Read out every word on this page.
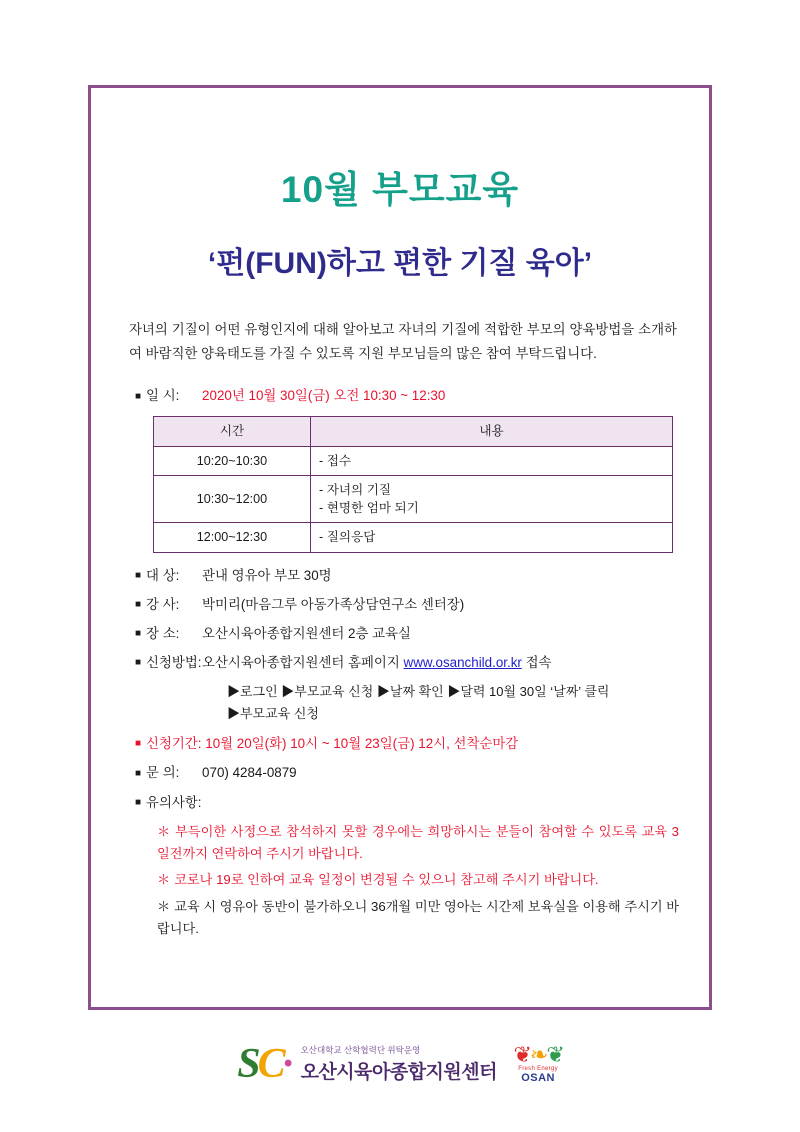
10월 부모교육
‘펀(FUN)하고 편한 기질 육아’
자녀의 기질이 어떤 유형인지에 대해 알아보고 자녀의 기질에 적합한 부모의 양육방법을 소개하여 바람직한 양육태도를 가질 수 있도록 지원 부모님들의 많은 참여 부탁드립니다.
■ 일 시: 2020년 10월 30일(금) 오전 10:30 ~ 12:30
시간	내용
10:20~10:30	- 접수
10:30~12:00	- 자녀의 기질
- 현명한 엄마 되기

12:00~12:30	- 질의응답
■ 대 상: 관내 영유아 부모 30명
■ 강 사: 박미리(마음그루 아동가족상담연구소 센터장)
■ 장 소: 오산시육아종합지원센터 2층 교육실
■ 신청방법:오산시육아종합지원센터 홈페이지 www.osanchild.or.kr 접속
▶로그인 ▶부모교육 신청 ▶날짜 확인 ▶달력 10월 30일 ‘날짜’ 클릭
▶부모교육 신청
■ 신청기간: 10월 20일(화) 10시 ~ 10월 23일(금) 12시, 선착순마감
■ 문 의: 070) 4284-0879
■ 유의사항:
＊ 부득이한 사정으로 참석하지 못할 경우에는 희망하시는 분들이 참여할 수 있도록 교육 3일전까지 연락하여 주시기 바랍니다.
＊ 코로나 19로 인하여 교육 일정이 변경될 수 있으니 참고해 주시기 바랍니다.
＊ 교육 시 영유아 동반이 불가하오니 36개월 미만 영아는 시간제 보육실을 이용해 주시기 바랍니다.
SC· 오산대학교 산학협력단 위탁운영
오산시육아종합지원센터

❦❧❦
Fresh Energy
OSAN
